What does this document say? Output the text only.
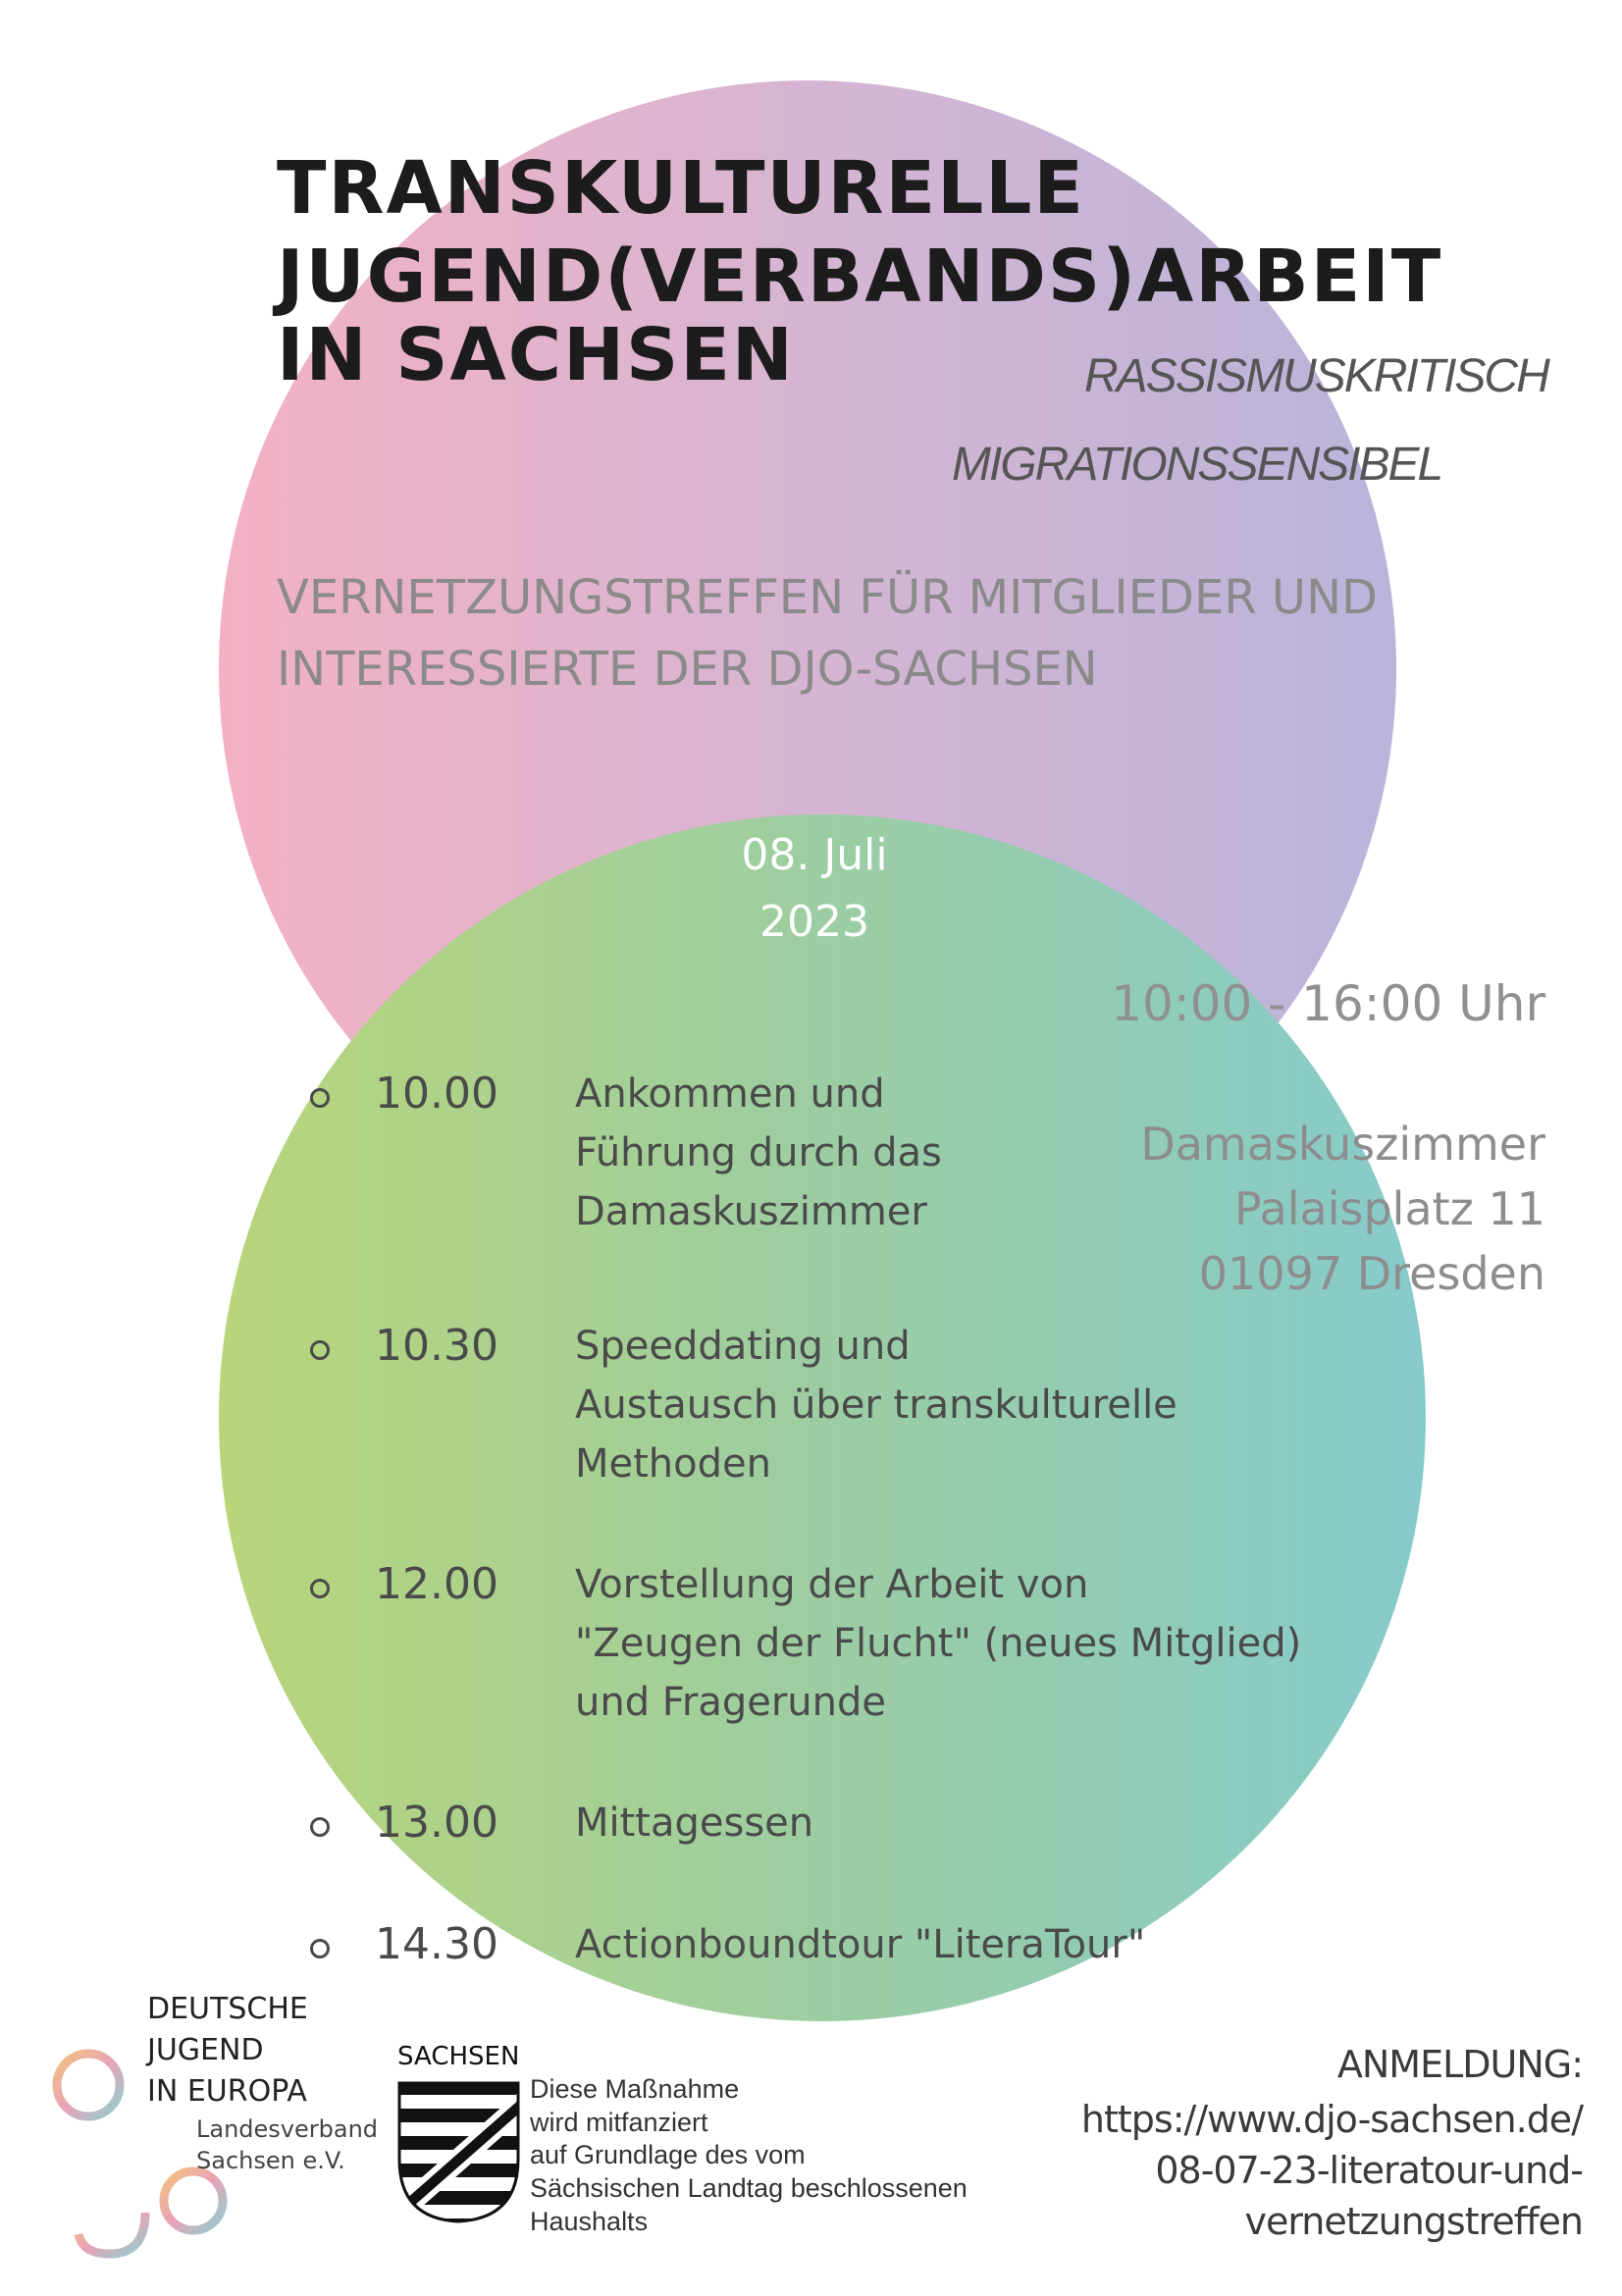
TRANSKULTURELLE
JUGEND(VERBANDS)ARBEIT
IN SACHSEN	RASSISMUSKRITISCH
MIGRATIONSSENSIBEL
VERNETZUNGSTREFFEN FÜR MITGLIEDER UND
INTERESSIERTE DER DJO-SACHSEN
08. Juli
2023
10:00 - 16:00 Uhr
Damaskuszimmer
Palaisplatz 11
01097 Dresden
10.00 Ankommen und
Führung durch das
Damaskuszimmer
10.30 Speeddating und
Austausch über transkulturelle
Methoden
12.00 Vorstellung der Arbeit von
"Zeugen der Flucht" (neues Mitglied)
und Fragerunde
13.00 Mittagessen
14.30 Actionboundtour "LiteraTour"
DEUTSCHE
JUGEND
IN EUROPA
Landesverband
Sachsen e.V.
SACHSEN
Diese Maßnahme
wird mitfanziert
auf Grundlage des vom
Sächsischen Landtag beschlossenen
Haushalts
ANMELDUNG:
https://www.djo-sachsen.de/
08-07-23-literatour-und-
vernetzungstreffen
